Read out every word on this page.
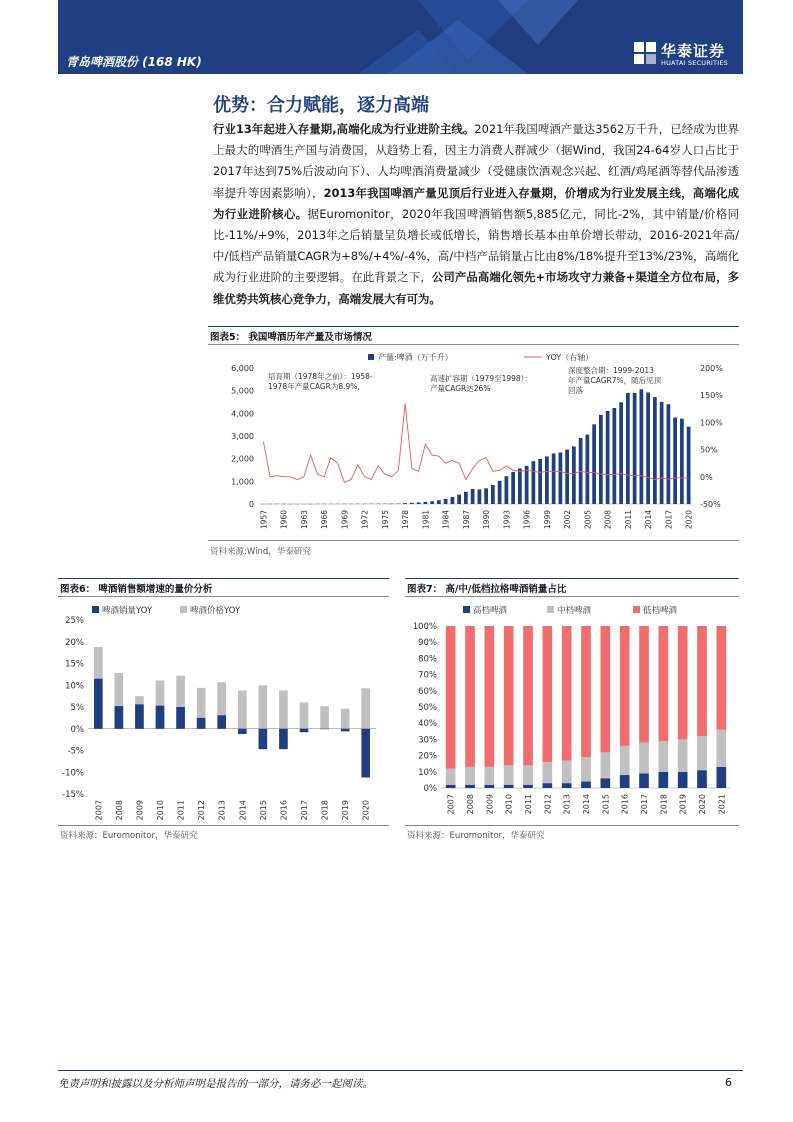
青岛啤酒股份 (168 HK)
华泰证券
HUATAI SECURITIES
优势：合力赋能，逐力高端
行业13年起进入存量期,高端化成为行业进阶主线。2021年我国啤酒产量达3562万千升，已经成为世界上最大的啤酒生产国与消费国，从趋势上看，因主力消费人群减少（据Wind，我国24-64岁人口占比于2017年达到75%后波动向下）、人均啤酒消费量减少（受健康饮酒观念兴起、红酒/鸡尾酒等替代品渗透率提升等因素影响），2013年我国啤酒产量见顶后行业进入存量期，价增成为行业发展主线，高端化成为行业进阶核心。据Euromonitor，2020年我国啤酒销售额5,885亿元，同比-2%，其中销量/价格同比-11%/+9%，2013年之后销量呈负增长或低增长，销售增长基本由单价增长带动，2016-2021年高/中/低档产品销量CAGR为+8%/+4%/-4%，高/中档产品销量占比由8%/18%提升至13%/23%，高端化成为行业进阶的主要逻辑。在此背景之下，公司产品高端化领先+市场攻守力兼备+渠道全方位布局，多维优势共筑核心竞争力，高端发展大有可为。
图表5： 我国啤酒历年产量及市场情况
产量:啤酒（万千升）	YOY（右轴）
0
1,000
2,000
3,000
4,000
5,000
6,000
-50%
0%
50%
100%
150%
200%
1957 1960 1963 1966 1969 1972 1975 1978 1981 1984 1987 1990 1993 1996 1999 2002 2005 2008 2011 2014 2017 2020
培育期（1978年之前）：1958-
1978年产量CAGR为8.9%,
高速扩容期（1979至1998）：
产量CAGR达26%
深度整合期：1999-2013
年产量CAGR7%，随后见顶
回落
资料来源:Wind，华泰研究
图表6： 啤酒销售额增速的量价分析
啤酒销量YOY	啤酒价格YOY
-15%
-10%
-5%
0%
5%
10%
15%
20%
25%
2007 2008 2009 2010 2011 2012 2013 2014 2015 2016 2017 2018 2019 2020
资料来源：Euromonitor，华泰研究
图表7： 高/中/低档拉格啤酒销量占比
高档啤酒	中档啤酒	低档啤酒
0%
10%
20%
30%
40%
50%
60%
70%
80%
90%
100%
2007 2008 2009 2010 2011 2012 2013 2014 2015 2016 2017 2018 2019 2020 2021
资料来源：Euromonitor，华泰研究
免责声明和披露以及分析师声明是报告的一部分，请务必一起阅读。	6
